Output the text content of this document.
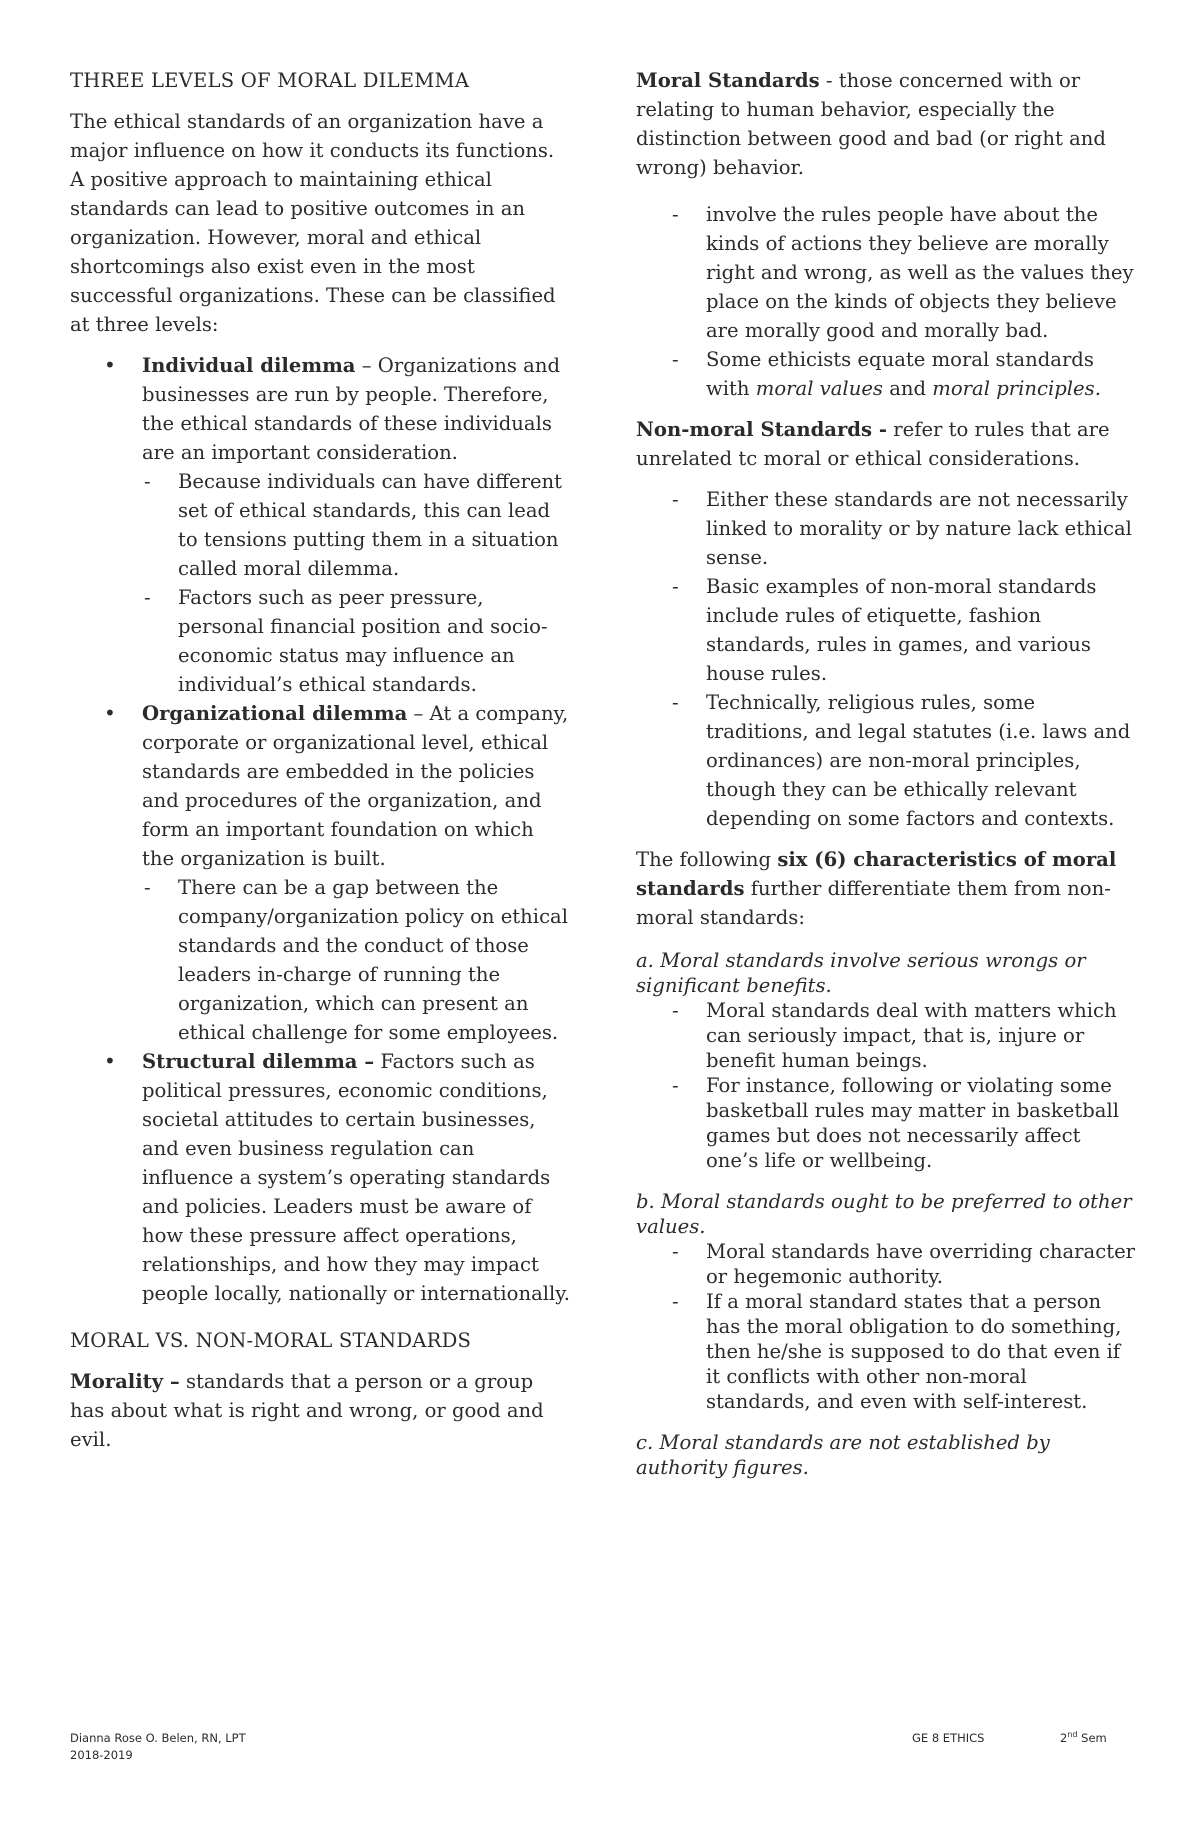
THREE LEVELS OF MORAL DILEMMA

The ethical standards of an organization have a major influence on how it conducts its functions. A positive approach to maintaining ethical standards can lead to positive outcomes in an organization. However, moral and ethical shortcomings also exist even in the most successful organizations. These can be classified at three levels:

• Individual dilemma – Organizations and businesses are run by people. Therefore, the ethical standards of these individuals are an important consideration.
- Because individuals can have different set of ethical standards, this can lead to tensions putting them in a situation called moral dilemma.
- Factors such as peer pressure, personal financial position and socio-economic status may influence an individual’s ethical standards.
• Organizational dilemma – At a company, corporate or organizational level, ethical standards are embedded in the policies and procedures of the organization, and form an important foundation on which the organization is built.
- There can be a gap between the company/organization policy on ethical standards and the conduct of those leaders in-charge of running the organization, which can present an ethical challenge for some employees.
• Structural dilemma – Factors such as political pressures, economic conditions, societal attitudes to certain businesses, and even business regulation can influence a system’s operating standards and policies. Leaders must be aware of how these pressure affect operations, relationships, and how they may impact people locally, nationally or internationally.
MORAL VS. NON-MORAL STANDARDS

Morality – standards that a person or a group has about what is right and wrong, or good and evil.

Moral Standards - those concerned with or relating to human behavior, especially the distinction between good and bad (or right and wrong) behavior.

- involve the rules people have about the kinds of actions they believe are morally right and wrong, as well as the values they place on the kinds of objects they believe are morally good and morally bad.
- Some ethicists equate moral standards with moral values and moral principles.

Non-moral Standards - refer to rules that are
unrelated tc moral or ethical considerations.

- Either these standards are not necessarily linked to morality or by nature lack ethical sense.
- Basic examples of non-moral standards include rules of etiquette, fashion standards, rules in games, and various house rules.
- Technically, religious rules, some traditions, and legal statutes (i.e. laws and ordinances) are non-moral principles, though they can be ethically relevant depending on some factors and contexts.

The following six (6) characteristics of moral standards further differentiate them from non-moral standards:

a. Moral standards involve serious wrongs or significant benefits.

- Moral standards deal with matters which can seriously impact, that is, injure or benefit human beings.
- For instance, following or violating some basketball rules may matter in basketball games but does not necessarily affect one’s life or wellbeing.

b. Moral standards ought to be preferred to other values.

- Moral standards have overriding character or hegemonic authority.
- If a moral standard states that a person has the moral obligation to do something, then he/she is supposed to do that even if it conflicts with other non-moral standards, and even with self-interest.

c. Moral standards are not established by authority figures.

Dianna Rose O. Belen, RN, LPT
2018-2019
GE 8 ETHICS	2nd Sem
